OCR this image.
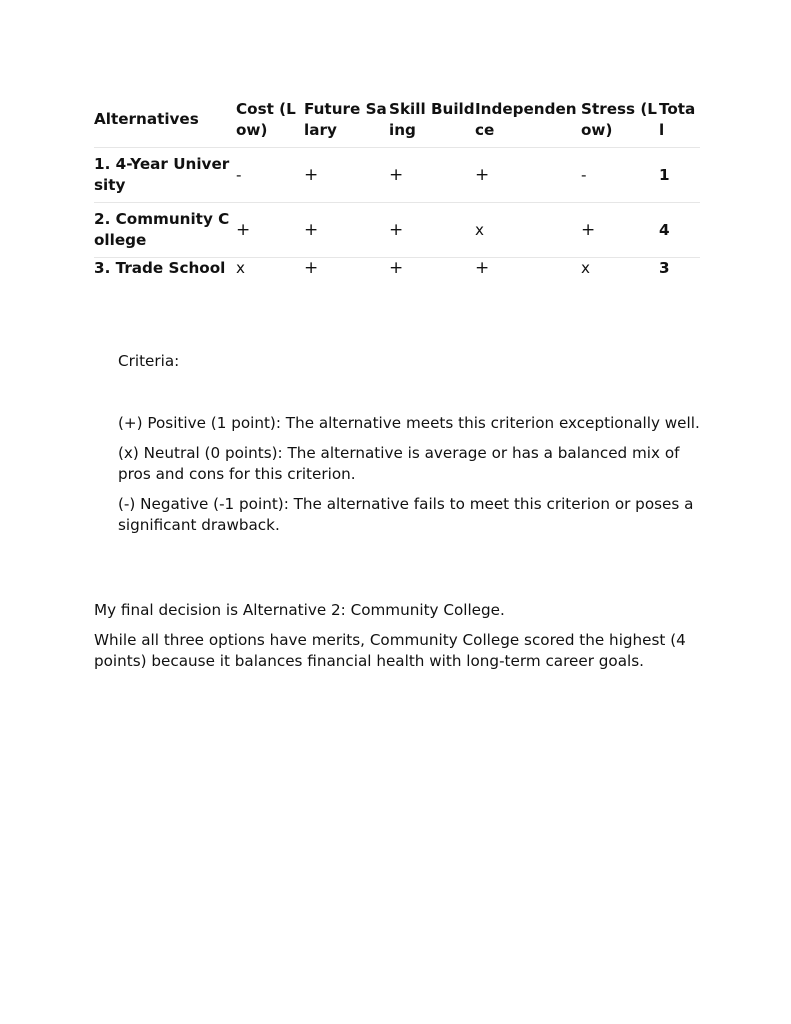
Alternatives	Cost (Low)	Future Salary	Skill Building	Independence	Stress (Low)	Total
1. 4-Year University	-	+	+	+	-	1
2. Community College	+	+	+	x	+	4
3. Trade School	x	+	+	+	x	3

Criteria:

(+) Positive (1 point): The alternative meets this criterion exceptionally well.

(x) Neutral (0 points): The alternative is average or has a balanced mix of pros and cons for this criterion.

(-) Negative (-1 point): The alternative fails to meet this criterion or poses a significant drawback.

My final decision is Alternative 2: Community College.

While all three options have merits, Community College scored the highest (4 points) because it balances financial health with long-term career goals.
